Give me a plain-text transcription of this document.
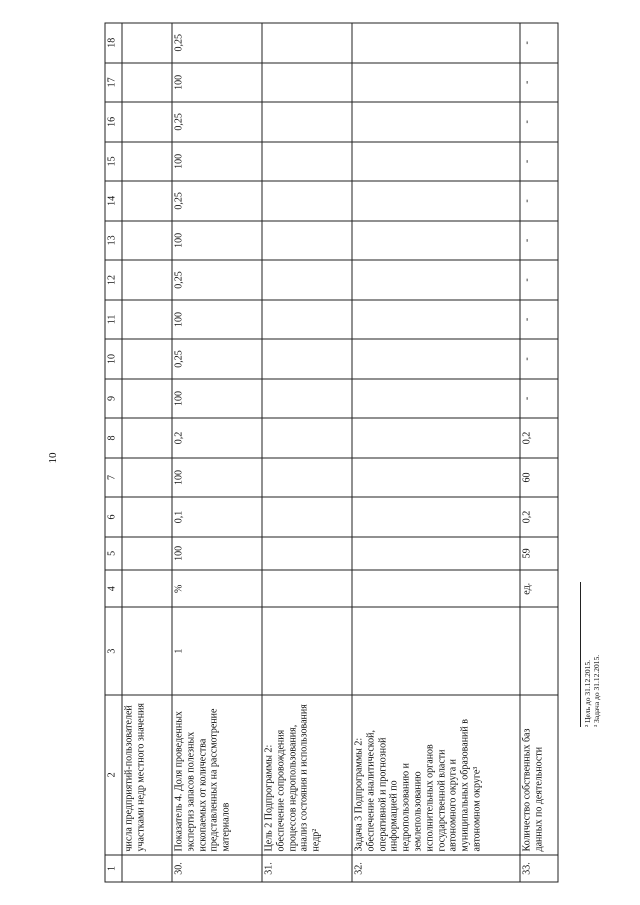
10
1	2	3	4	5	6	7	8	9	10	11	12	13	14	15	16	17	18
	числа предприятий-пользователей участками недр местного значения																
30.	Показатель 4. Доля проведенных экспертиз запасов полезных ископаемых от количества представленных на рассмотрение материалов	1	%	100	0,1	100	0,2	100	0,25	100	0,25	100	0,25	100	0,25	100	0,25
31.	Цель 2 Подпрограммы 2: обеспечение сопровождения процессов недропользования, анализ состояния и использования недр²																
32.	Задача 3 Подпрограммы 2: обеспечение аналитической, оперативной и прогнозной информацией по недропользованию и землепользованию исполнительных органов государственной власти автономного округа и муниципальных образований в автономном округе³																
33.	Количество собственных баз данных по деятельности		ед.	59	0,2	60	0,2	-	-	-	-	-	-	-	-	-	-
² Цель до 31.12.2015. ³ Задача до 31.12.2015.
